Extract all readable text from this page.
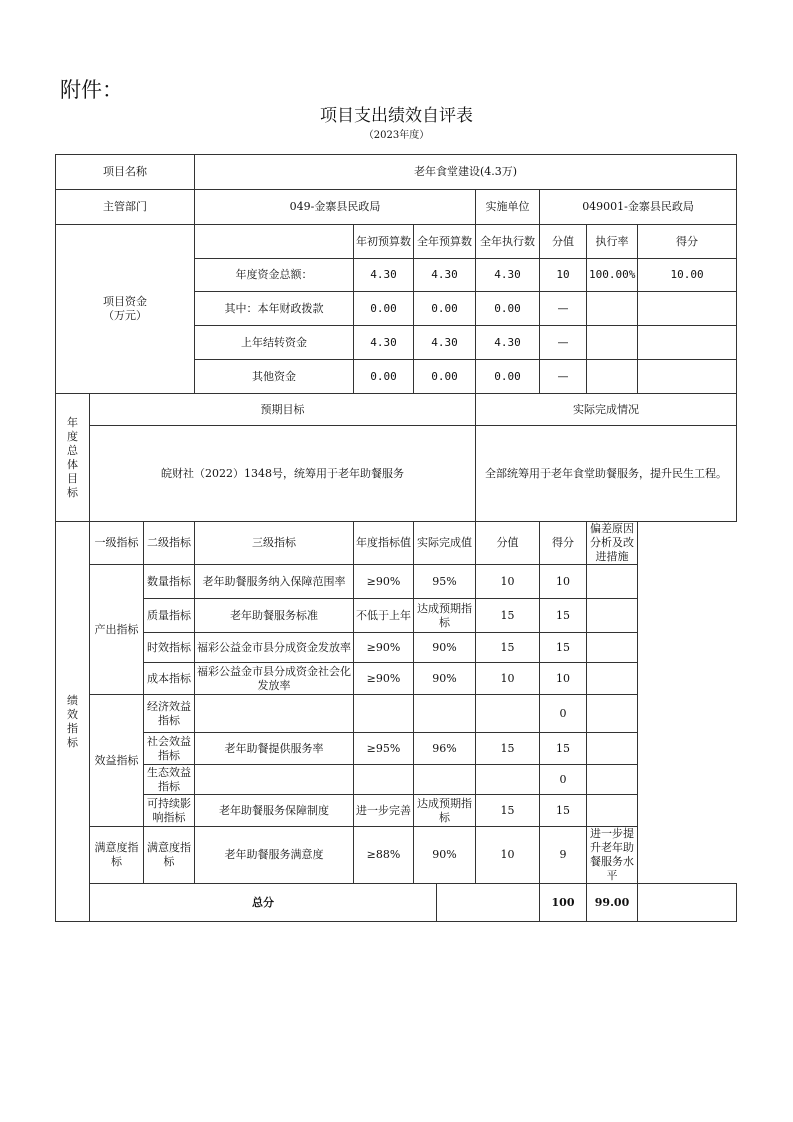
附件：
项目支出绩效自评表
（2023年度）
项目名称			老年食堂建设(4.3万)							
主管部门			049-金寨县民政局				实施单位	049001-金寨县民政局		

项目资金
（万元）				年初预算数	全年预算数		全年执行数	分值	执行率	得分
			年度资金总额：	4.30	4.30		4.30	10	100.00%	10.00
			其中：本年财政拨款	0.00	0.00		0.00	—		
			上年结转资金	4.30	4.30		4.30	—		
			其他资金	0.00	0.00		0.00	—		

年度总体目标	预期目标						实际完成情况			
	皖财社（2022）1348号，统筹用于老年助餐服务						全部统筹用于老年食堂助餐服务，提升民生工程。			

绩效指标	一级指标	二级指标	三级指标	年度指标值	实际完成值		分值	得分	偏差原因分析及改进措施	
	产出指标	数量指标	老年助餐服务纳入保障范围率	≥90%	95%		10	10		
		质量指标	老年助餐服务标准	不低于上年	达成预期指标		15	15		
		时效指标	福彩公益金市县分成资金发放率	≥90%	90%		15	15		
		成本指标	福彩公益金市县分成资金社会化发放率	≥90%	90%		10	10		
	效益指标	经济效益指标						0		
		社会效益指标	老年助餐提供服务率	≥95%	96%		15	15		
		生态效益指标						0		
		可持续影响指标	老年助餐服务保障制度	进一步完善	达成预期指标		15	15		
	满意度指标	满意度指标	老年助餐服务满意度	≥88%	90%		10	9	进一步提升老年助餐服务水平	
	总分							100	99.00	
